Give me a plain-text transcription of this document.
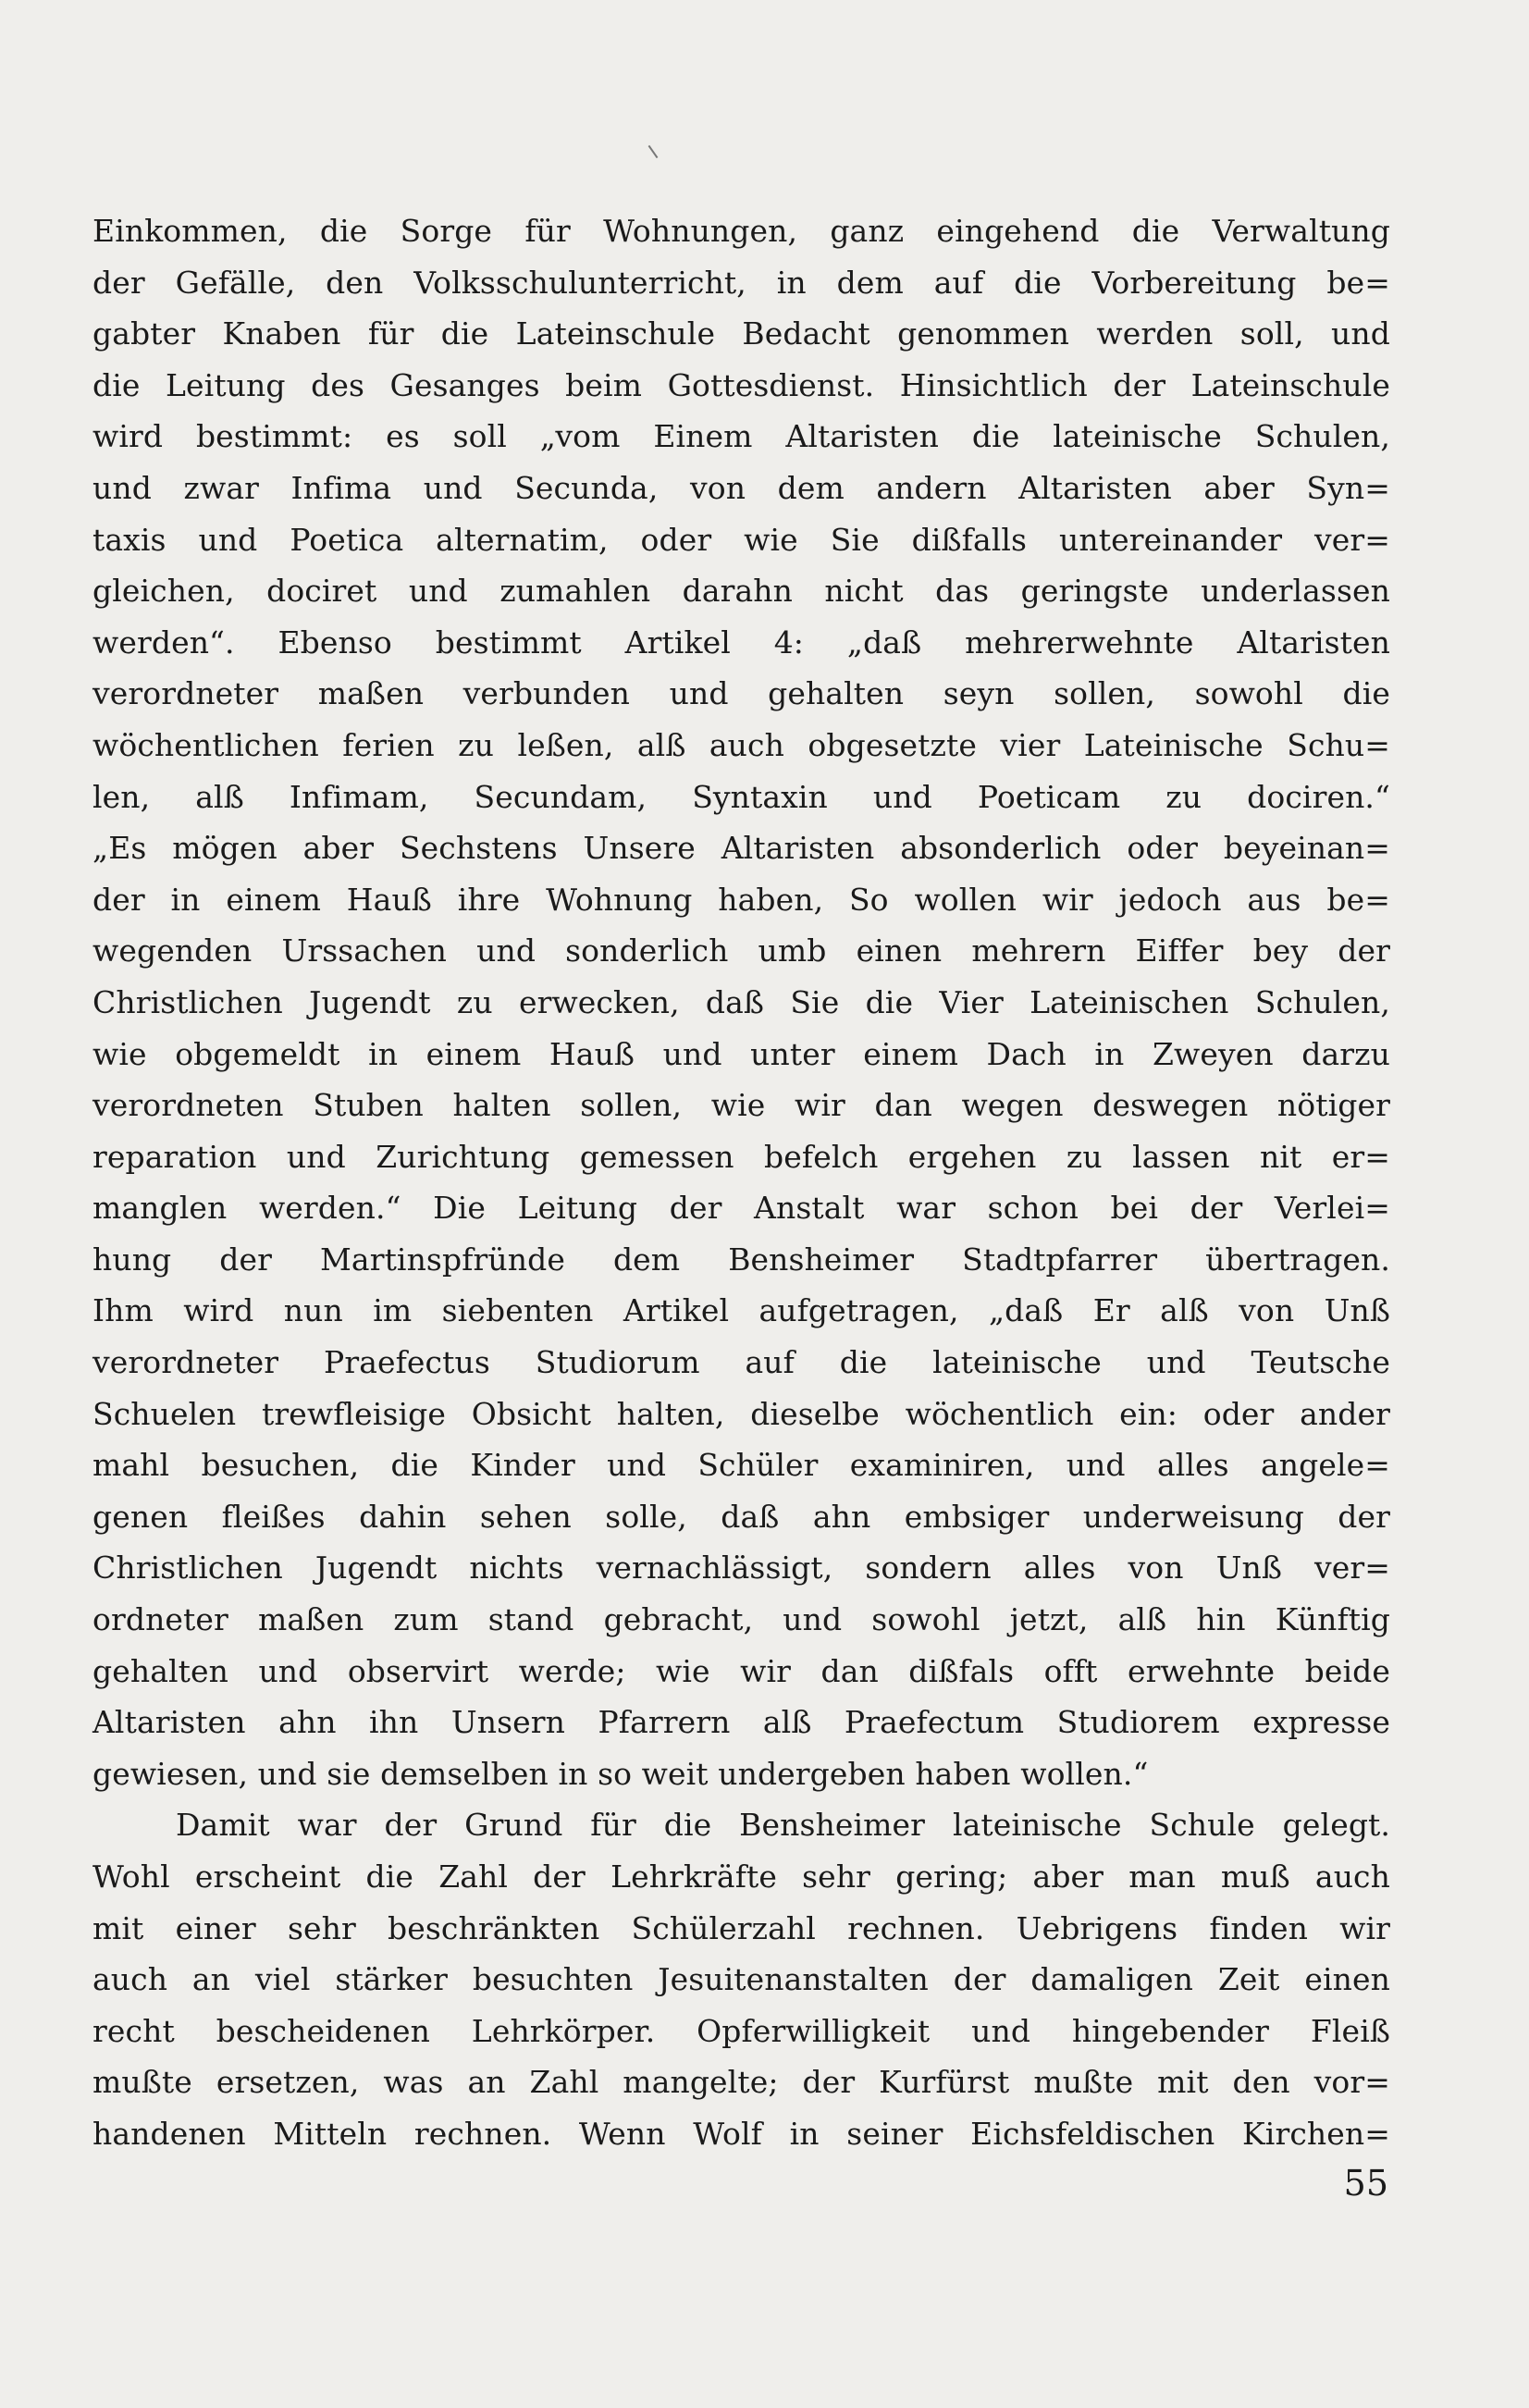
Einkommen, die Sorge für Wohnungen, ganz eingehend die Verwaltung
der Gefälle, den Volksschulunterricht, in dem auf die Vorbereitung be=
gabter Knaben für die Lateinschule Bedacht genommen werden soll, und
die Leitung des Gesanges beim Gottesdienst. Hinsichtlich der Lateinschule
wird bestimmt: es soll „vom Einem Altaristen die lateinische Schulen,
und zwar Infima und Secunda, von dem andern Altaristen aber Syn=
taxis und Poetica alternatim, oder wie Sie dißfalls untereinander ver=
gleichen, dociret und zumahlen darahn nicht das geringste underlassen
werden“. Ebenso bestimmt Artikel 4: „daß mehrerwehnte Altaristen
verordneter maßen verbunden und gehalten seyn sollen, sowohl die
wöchentlichen ferien zu leßen, alß auch obgesetzte vier Lateinische Schu=
len, alß Infimam, Secundam, Syntaxin und Poeticam zu dociren.“
„Es mögen aber Sechstens Unsere Altaristen absonderlich oder beyeinan=
der in einem Hauß ihre Wohnung haben, So wollen wir jedoch aus be=
wegenden Urssachen und sonderlich umb einen mehrern Eiffer bey der
Christlichen Jugendt zu erwecken, daß Sie die Vier Lateinischen Schulen,
wie obgemeldt in einem Hauß und unter einem Dach in Zweyen darzu
verordneten Stuben halten sollen, wie wir dan wegen deswegen nötiger
reparation und Zurichtung gemessen befelch ergehen zu lassen nit er=
manglen werden.“ Die Leitung der Anstalt war schon bei der Verlei=
hung der Martinspfründe dem Bensheimer Stadtpfarrer übertragen.
Ihm wird nun im siebenten Artikel aufgetragen, „daß Er alß von Unß
verordneter Praefectus Studiorum auf die lateinische und Teutsche
Schuelen trewfleisige Obsicht halten, dieselbe wöchentlich ein: oder ander
mahl besuchen, die Kinder und Schüler examiniren, und alles angele=
genen fleißes dahin sehen solle, daß ahn embsiger underweisung der
Christlichen Jugendt nichts vernachlässigt, sondern alles von Unß ver=
ordneter maßen zum stand gebracht, und sowohl jetzt, alß hin Künftig
gehalten und observirt werde; wie wir dan dißfals offt erwehnte beide
Altaristen ahn ihn Unsern Pfarrern alß Praefectum Studiorem expresse
gewiesen, und sie demselben in so weit undergeben haben wollen.“
Damit war der Grund für die Bensheimer lateinische Schule gelegt.
Wohl erscheint die Zahl der Lehrkräfte sehr gering; aber man muß auch
mit einer sehr beschränkten Schülerzahl rechnen. Uebrigens finden wir
auch an viel stärker besuchten Jesuitenanstalten der damaligen Zeit einen
recht bescheidenen Lehrkörper. Opferwilligkeit und hingebender Fleiß
mußte ersetzen, was an Zahl mangelte; der Kurfürst mußte mit den vor=
handenen Mitteln rechnen. Wenn Wolf in seiner Eichsfeldischen Kirchen=
55
